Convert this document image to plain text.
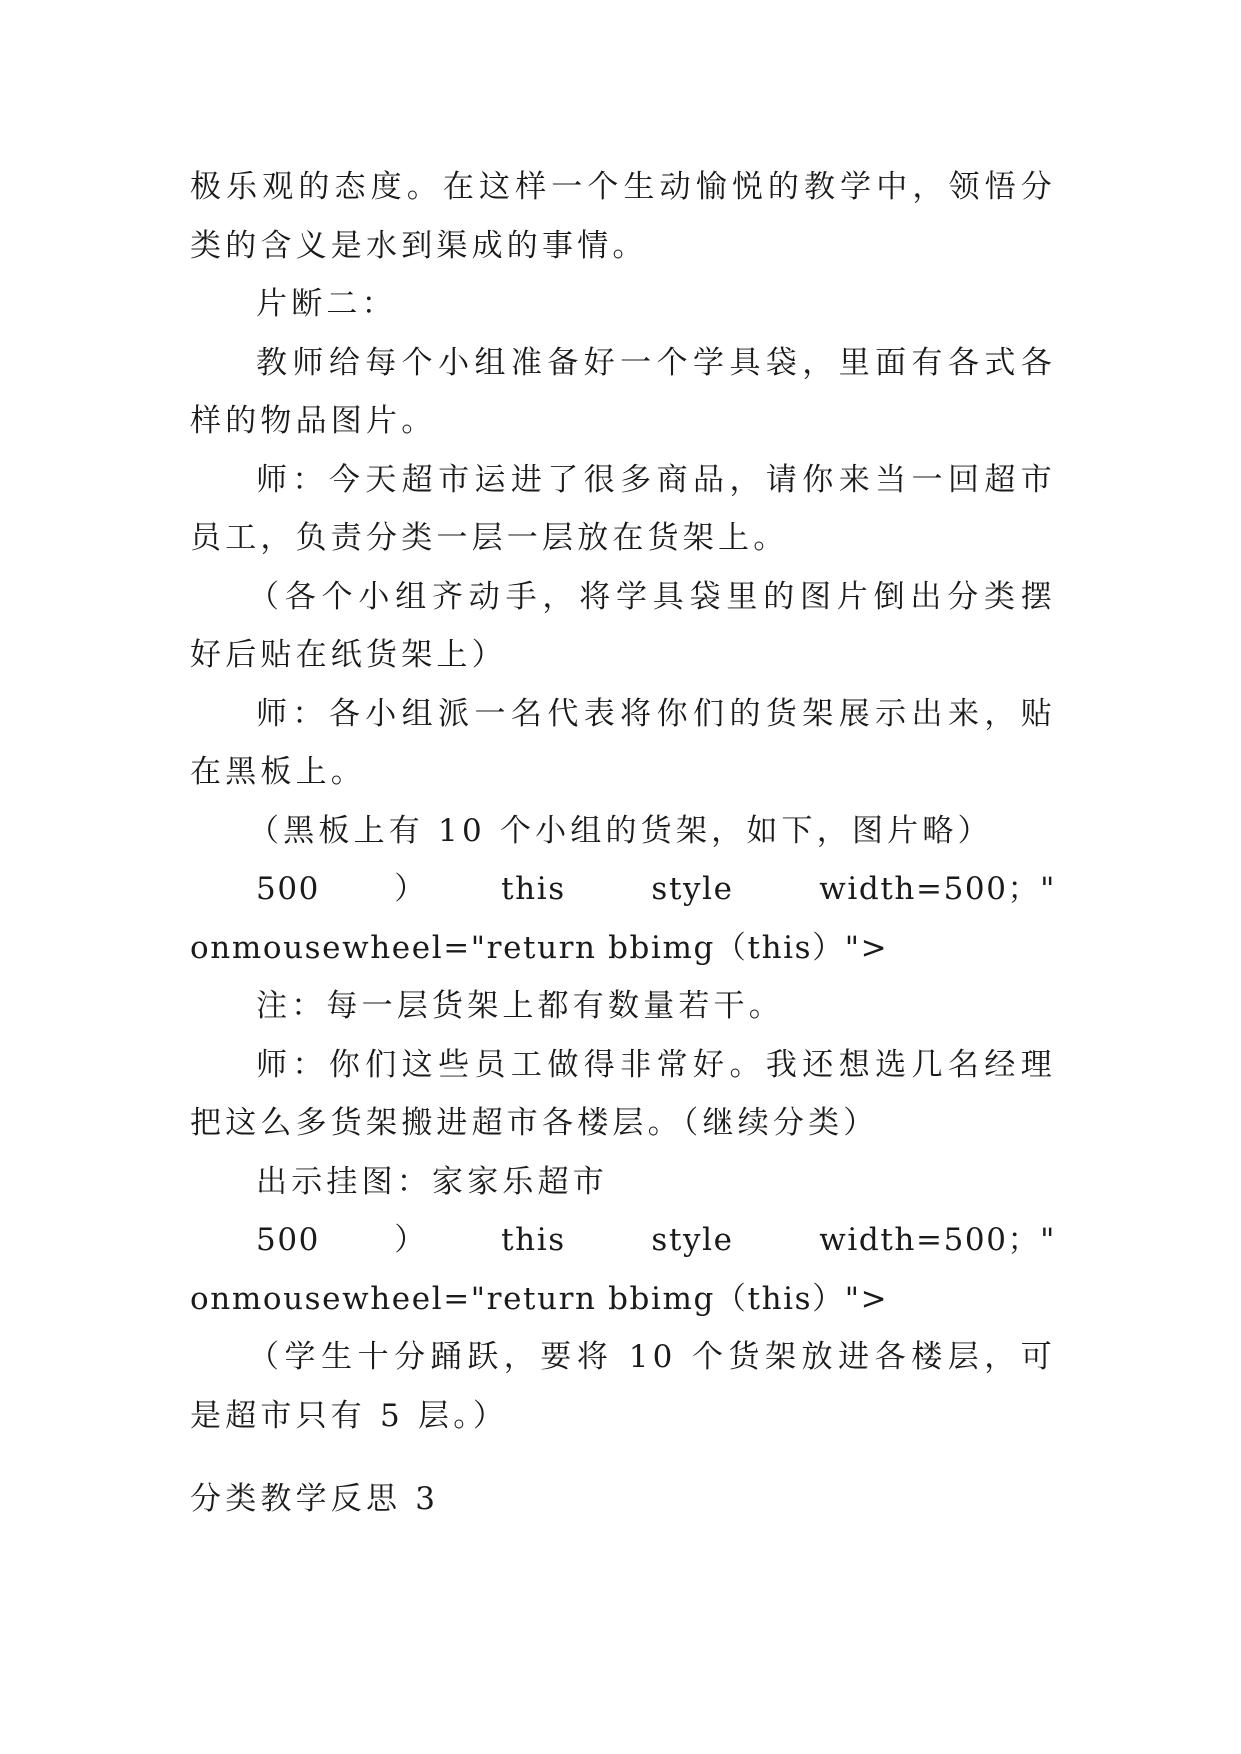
极乐观的态度。在这样一个生动愉悦的教学中，领悟分类的含义是水到渠成的事情。

片断二：

教师给每个小组准备好一个学具袋，里面有各式各样的物品图片。

师：今天超市运进了很多商品，请你来当一回超市员工，负责分类一层一层放在货架上。

（各个小组齐动手，将学具袋里的图片倒出分类摆好后贴在纸货架上）

师：各小组派一名代表将你们的货架展示出来，贴在黑板上。

（黑板上有 10 个小组的货架，如下，图片略）

500）this style width=500；" onmousewheel="return bbimg（this）">

注：每一层货架上都有数量若干。

师：你们这些员工做得非常好。我还想选几名经理把这么多货架搬进超市各楼层。（继续分类）

出示挂图：家家乐超市

500）this style width=500；" onmousewheel="return bbimg（this）">

（学生十分踊跃，要将 10 个货架放进各楼层，可是超市只有 5 层。）

分类教学反思 3
